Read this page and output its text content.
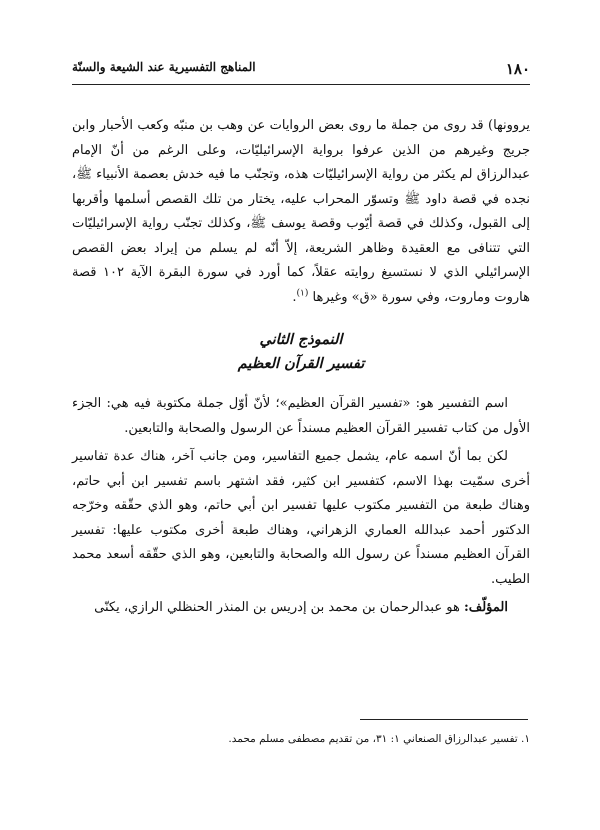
١٨٠
المناهج التفسيرية عند الشيعة والسنّة

يروونها) قد روى من جملة ما روى بعض الروايات عن وهب بن منبّه وكعب الأحبار وابن جريج وغيرهم من الذين عرفوا برواية الإسرائيليّات، وعلى الرغم من أنّ الإمام عبدالرزاق لم يكثر من رواية الإسرائيليّات هذه، وتجنّب ما فيه خدش بعصمة الأنبياء ﷺ، نجده في قصة داود ﷺ وتسوّر المحراب عليه، يختار من تلك القصص أسلمها وأقربها إلى القبول، وكذلك في قصة أيّوب وقصة يوسف ﷺ، وكذلك تجنّب رواية الإسرائيليّات التي تتنافى مع العقيدة وظاهر الشريعة، إلاّ أنّه لم يسلم من إيراد بعض القصص الإسرائيلي الذي لا نستسيغ روايته عقلاً، كما أورد في سورة البقرة الآية ١٠٢ قصة هاروت وماروت، وفي سورة «ق» وغيرها $^{(١)}$.

النموذج الثاني

تفسير القرآن العظيم

اسم التفسير هو: «تفسير القرآن العظيم»؛ لأنّ أوّل جملة مكتوبة فيه هي: الجزء الأول من كتاب تفسير القرآن العظيم مسنداً عن الرسول والصحابة والتابعين.

لكن بما أنّ اسمه عام، يشمل جميع التفاسير، ومن جانب آخر، هناك عدة تفاسير أخرى سمّيت بهذا الاسم، كتفسير ابن كثير، فقد اشتهر باسم تفسير ابن أبي حاتم، وهناك طبعة من التفسير مكتوب عليها تفسير ابن أبي حاتم، وهو الذي حقّقه وخرّجه الدكتور أحمد عبدالله العماري الزهراني، وهناك طبعة أخرى مكتوب عليها: تفسير القرآن العظيم مسنداً عن رسول الله والصحابة والتابعين، وهو الذي حقّقه أسعد محمد الطيب.

المؤلّف: هو عبدالرحمان بن محمد بن إدريس بن المنذر الحنظلي الرازي، يكنّى

١. تفسير عبدالرزاق الصنعاني ١: ٣١، من تقديم مصطفى مسلم محمد.
